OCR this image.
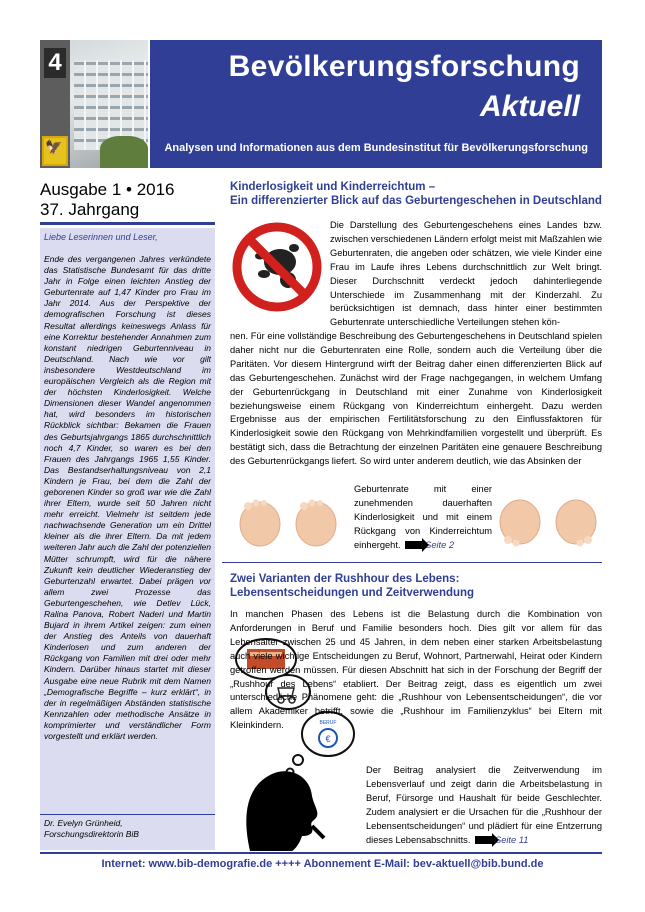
4
🦅
Bevölkerungsforschung
Aktuell
Analysen und Informationen aus dem Bundesinstitut für Bevölkerungsforschung
Ausgabe 1 • 2016
37. Jahrgang
Liebe Leserinnen und Leser,

Ende des vergangenen Jahres verkündete das Statistische Bundesamt für das dritte Jahr in Folge einen leichten Anstieg der Geburtenrate auf 1,47 Kinder pro Frau im Jahr 2014. Aus der Perspektive der demografischen Forschung ist dieses Resultat allerdings keineswegs Anlass für eine Korrektur bestehender Annahmen zum konstant niedrigen Geburtenniveau in Deutschland. Nach wie vor gilt insbesondere Westdeutschland im europäischen Vergleich als die Region mit der höchsten Kinderlosigkeit. Welche Dimensionen dieser Wandel angenommen hat, wird besonders im historischen Rückblick sichtbar: Bekamen die Frauen des Geburtsjahrgangs 1865 durchschnittlich noch 4,7 Kinder, so waren es bei den Frauen des Jahrgangs 1965 1,55 Kinder. Das Bestandserhaltungsniveau von 2,1 Kindern je Frau, bei dem die Zahl der geborenen Kinder so groß war wie die Zahl ihrer Eltern, wurde seit 50 Jahren nicht mehr erreicht. Vielmehr ist seitdem jede nachwachsende Generation um ein Drittel kleiner als die ihrer Eltern. Da mit jedem weiteren Jahr auch die Zahl der potenziellen Mütter schrumpft, wird für die nähere Zukunft kein deutlicher Wiederanstieg der Geburtenzahl erwartet. Dabei prägen vor allem zwei Prozesse das Geburtengeschehen, wie Detlev Lück, Ralina Panova, Robert Naderi und Martin Bujard in ihrem Artikel zeigen: zum einen der Anstieg des Anteils von dauerhaft Kinderlosen und zum anderen der Rückgang von Familien mit drei oder mehr Kindern. Darüber hinaus startet mit dieser Ausgabe eine neue Rubrik mit dem Namen „Demografische Begriffe – kurz erklärt“, in der in regelmäßigen Abständen statistische Kennzahlen oder methodische Ansätze in komprimierter und verständlicher Form vorgestellt und erklärt werden.

Dr. Evelyn Grünheid,
Forschungsdirektorin BiB
Kinderlosigkeit und Kinderreichtum –
Ein differenzierter Blick auf das Geburtengeschehen in Deutschland
Die Darstellung des Geburtengeschehens eines Landes bzw. zwischen verschiedenen Ländern erfolgt meist mit Maßzahlen wie Geburtenraten, die angeben oder schätzen, wie viele Kinder eine Frau im Laufe ihres Lebens durchschnittlich zur Welt bringt. Dieser Durchschnitt verdeckt jedoch dahinterliegende Unterschiede im Zusammenhang mit der Kinderzahl. Zu berücksichtigen ist demnach, dass hinter einer bestimmten Geburtenrate unterschiedliche Verteilungen stehen kön-
nen. Für eine vollständige Beschreibung des Geburtengeschehens in Deutschland spielen daher nicht nur die Geburtenraten eine Rolle, sondern auch die Verteilung über die Paritäten. Vor diesem Hintergrund wirft der Beitrag daher einen differenzierten Blick auf das Geburtengeschehen. Zunächst wird der Frage nachgegangen, in welchem Umfang der Geburtenrückgang in Deutschland mit einer Zunahme von Kinderlosigkeit beziehungsweise einem Rückgang von Kinderreichtum einhergeht. Dazu werden Ergebnisse aus der empirischen Fertilitätsforschung zu den Einflussfaktoren für Kinderlosigkeit sowie den Rückgang von Mehrkindfamilien vorgestellt und überprüft. Es bestätigt sich, dass die Betrachtung der einzelnen Paritäten eine genauere Beschreibung des Geburtenrückgangs liefert. So wird unter anderem deutlich, wie das Absinken der
Geburtenrate mit einer zunehmenden dauerhaften Kinderlosigkeit und mit einem Rückgang von Kinderreichtum einhergeht.	Seite 2
Zwei Varianten der Rushhour des Lebens:
Lebensentscheidungen und Zeitverwendung
€
BERUF
In manchen Phasen des Lebens ist die Belastung durch die Kombination von Anforderungen in Beruf und Familie besonders hoch. Dies gilt vor allem für das Lebensalter zwischen 25 und 45 Jahren, in dem neben einer starken Arbeitsbelastung auch viele wichtige Entscheidungen zu Beruf, Wohnort, Partnerwahl, Heirat oder Kindern getroffen werden müssen. Für diesen Abschnitt hat sich in der Forschung der Begriff der „Rushhour des Lebens“ etabliert. Der Beitrag zeigt, dass es eigentlich um zwei unterschiedliche Phänomene geht: die „Rushhour von Lebensentscheidungen“, die vor allem Akademiker betrifft, sowie die „Rushhour im Familienzyklus“ bei Eltern mit Kleinkindern.
Der Beitrag analysiert die Zeitverwendung im Lebensverlauf und zeigt darin die Arbeitsbelastung in Beruf, Fürsorge und Haushalt für beide Geschlechter. Zudem analysiert er die Ursachen für die „Rushhour der Lebensentscheidungen“ und plädiert für eine Entzerrung dieses Lebensabschnitts.	Seite 11
Internet: www.bib-demografie.de ++++ Abonnement E-Mail: bev-aktuell@bib.bund.de
